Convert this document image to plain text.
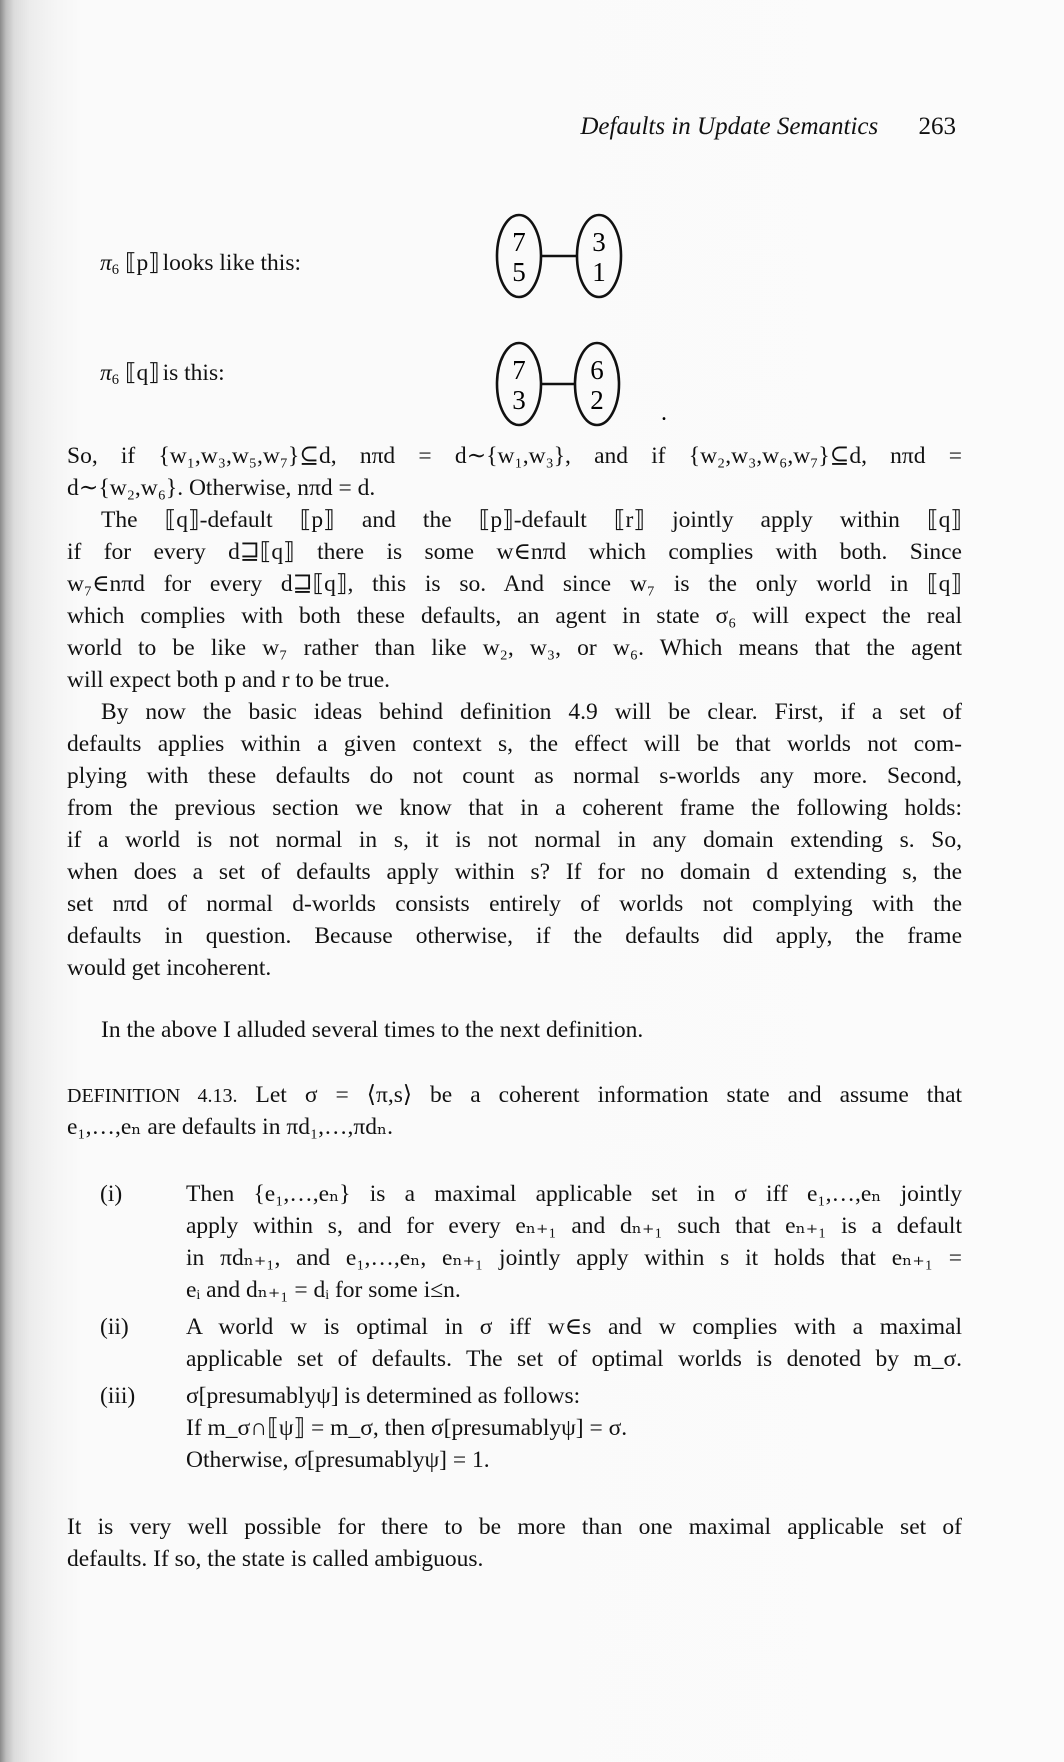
Defaults in Update Semantics 263
$\pi_6$ ⟦ p ⟧ looks like this:
7
5
3
1
$\pi_6$ ⟦ q ⟧ is this:	7
3
6
2 .
So, if {w₁,w₃,w₅,w₇}⊆d, nπd = d∼{w₁,w₃}, and if {w₂,w₃,w₆,w₇}⊆d, nπd =
d∼{w₂,w₆}. Otherwise, nπd = d.
The ⟦q⟧-default ⟦p⟧ and the ⟦p⟧-default ⟦r⟧ jointly apply within ⟦q⟧
if for every d⊒⟦q⟧ there is some w∈nπd which complies with both. Since
w₇∈nπd for every d⊒⟦q⟧, this is so. And since w₇ is the only world in ⟦q⟧
which complies with both these defaults, an agent in state σ₆ will expect the real
world to be like w₇ rather than like w₂, w₃, or w₆. Which means that the agent
will expect both p and r to be true.
By now the basic ideas behind definition 4.9 will be clear. First, if a set of
defaults applies within a given context s, the effect will be that worlds not com-
plying with these defaults do not count as normal s-worlds any more. Second,
from the previous section we know that in a coherent frame the following holds:
if a world is not normal in s, it is not normal in any domain extending s. So,
when does a set of defaults apply within s? If for no domain d extending s, the
set nπd of normal d-worlds consists entirely of worlds not complying with the
defaults in question. Because otherwise, if the defaults did apply, the frame
would get incoherent.
In the above I alluded several times to the next definition.
DEFINITION 4.13. Let σ = ⟨π,s⟩ be a coherent information state and assume that
e₁,…,eₙ are defaults in πd₁,…,πdₙ.
(i)	Then {e₁,…,eₙ} is a maximal applicable set in σ iff e₁,…,eₙ jointly
apply within s, and for every eₙ₊₁ and dₙ₊₁ such that eₙ₊₁ is a default
in πdₙ₊₁, and e₁,…,eₙ, eₙ₊₁ jointly apply within s it holds that eₙ₊₁ =
eᵢ and dₙ₊₁ = dᵢ for some i≤n.
(ii) A world w is optimal in σ iff w∈s and w complies with a maximal
applicable set of defaults. The set of optimal worlds is denoted by m_σ.
(iii) σ[presumablyψ] is determined as follows:
If m_σ∩⟦ψ⟧ = m_σ, then σ[presumablyψ] = σ.
Otherwise, σ[presumablyψ] = 1.
It is very well possible for there to be more than one maximal applicable set of
defaults. If so, the state is called ambiguous.
